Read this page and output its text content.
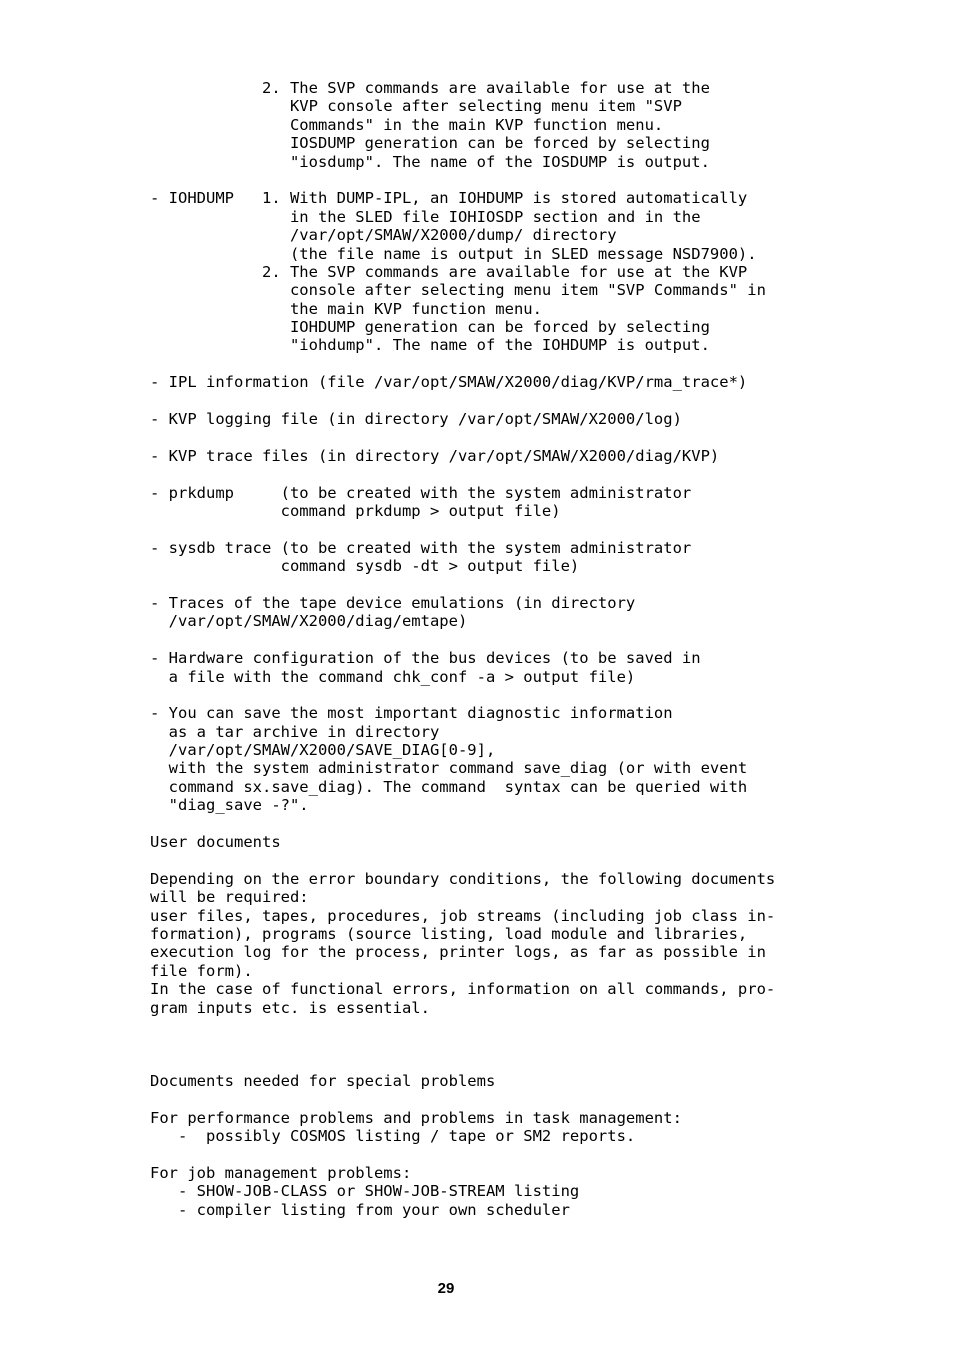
2. The SVP commands are available for use at the
KVP console after selecting menu item "SVP
Commands" in the main KVP function menu.
IOSDUMP generation can be forced by selecting
"iosdump". The name of the IOSDUMP is output.
- IOHDUMP   1. With DUMP-IPL, an IOHDUMP is stored automatically
in the SLED file IOHIOSDP section and in the
/var/opt/SMAW/X2000/dump/ directory
(the file name is output in SLED message NSD7900).
2. The SVP commands are available for use at the KVP
console after selecting menu item "SVP Commands" in
the main KVP function menu.
IOHDUMP generation can be forced by selecting
"iohdump". The name of the IOHDUMP is output.
- IPL information (file /var/opt/SMAW/X2000/diag/KVP/rma_trace*)
- KVP logging file (in directory /var/opt/SMAW/X2000/log)
- KVP trace files (in directory /var/opt/SMAW/X2000/diag/KVP)
- prkdump     (to be created with the system administrator
command prkdump > output file)
- sysdb trace (to be created with the system administrator
command sysdb -dt > output file)
- Traces of the tape device emulations (in directory
/var/opt/SMAW/X2000/diag/emtape)
- Hardware configuration of the bus devices (to be saved in
a file with the command chk_conf -a > output file)
- You can save the most important diagnostic information
as a tar archive in directory
/var/opt/SMAW/X2000/SAVE_DIAG[0-9],
with the system administrator command save_diag (or with event
command sx.save_diag). The command  syntax can be queried with
"diag_save -?".
User documents
Depending on the error boundary conditions, the following documents
will be required:
user files, tapes, procedures, job streams (including job class in-
formation), programs (source listing, load module and libraries,
execution log for the process, printer logs, as far as possible in
file form).
In the case of functional errors, information on all commands, pro-
gram inputs etc. is essential.
Documents needed for special problems
For performance problems and problems in task management:
-  possibly COSMOS listing / tape or SM2 reports.
For job management problems:
- SHOW-JOB-CLASS or SHOW-JOB-STREAM listing
- compiler listing from your own scheduler
29
